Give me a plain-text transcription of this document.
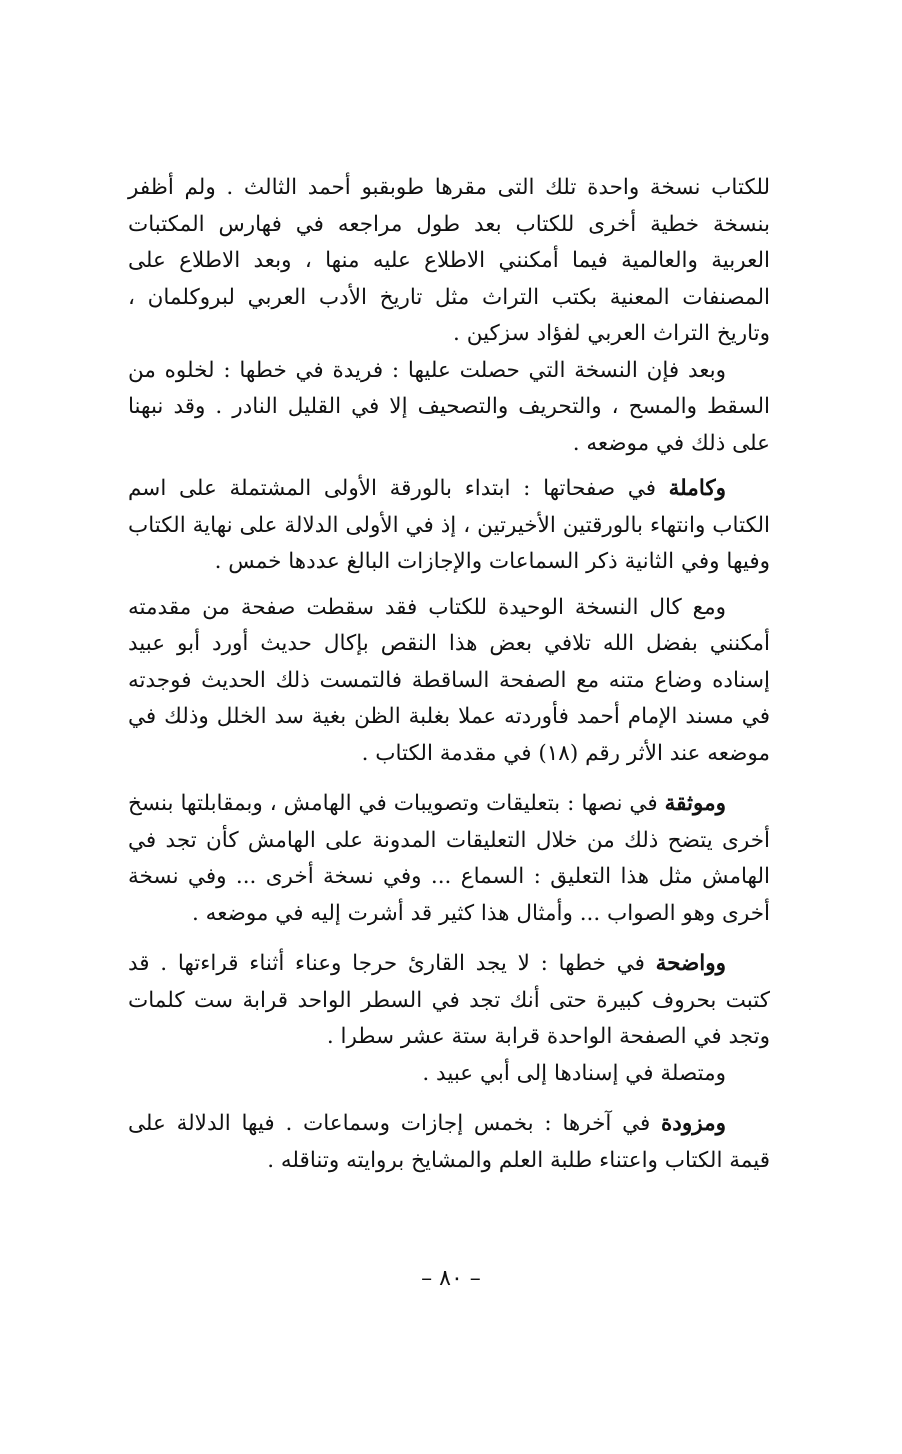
للكتاب نسخة واحدة تلك التى مقرها طوبقبو أحمد الثالث . ولم أظفر بنسخة خطية أخرى للكتاب بعد طول مراجعه في فهارس المكتبات العربية والعالمية فيما أمكنني الاطلاع عليه منها ، وبعد الاطلاع على المصنفات المعنية بكتب التراث مثل تاريخ الأدب العربي لبروكلمان ، وتاريخ التراث العربي لفؤاد سزكين .

وبعد فإن النسخة التي حصلت عليها : فريدة في خطها : لخلوه من السقط والمسح ، والتحريف والتصحيف إلا في القليل النادر . وقد نبهنا على ذلك في موضعه .

وكاملة في صفحاتها : ابتداء بالورقة الأولى المشتملة على اسم الكتاب وانتهاء بالورقتين الأخيرتين ، إذ في الأولى الدلالة على نهاية الكتاب وفيها وفي الثانية ذكر السماعات والإجازات البالغ عددها خمس .

ومع كال النسخة الوحيدة للكتاب فقد سقطت صفحة من مقدمته أمكنني بفضل الله تلافي بعض هذا النقص بإكال حديث أورد أبو عبيد إسناده وضاع متنه مع الصفحة الساقطة فالتمست ذلك الحديث فوجدته في مسند الإمام أحمد فأوردته عملا بغلبة الظن بغية سد الخلل وذلك في موضعه عند الأثر رقم (١٨) في مقدمة الكتاب .

وموثقة في نصها : بتعليقات وتصويبات في الهامش ، وبمقابلتها بنسخ أخرى يتضح ذلك من خلال التعليقات المدونة على الهامش كأن تجد في الهامش مثل هذا التعليق : السماع ... وفي نسخة أخرى ... وفي نسخة أخرى وهو الصواب ... وأمثال هذا كثير قد أشرت إليه في موضعه .

وواضحة في خطها : لا يجد القارئ حرجا وعناء أثناء قراءتها . قد كتبت بحروف كبيرة حتى أنك تجد في السطر الواحد قرابة ست كلمات وتجد في الصفحة الواحدة قرابة ستة عشر سطرا .

ومتصلة في إسنادها إلى أبي عبيد .

ومزودة في آخرها : بخمس إجازات وسماعات . فيها الدلالة على قيمة الكتاب واعتناء طلبة العلم والمشايخ بروايته وتناقله .

– ٨٠ –
